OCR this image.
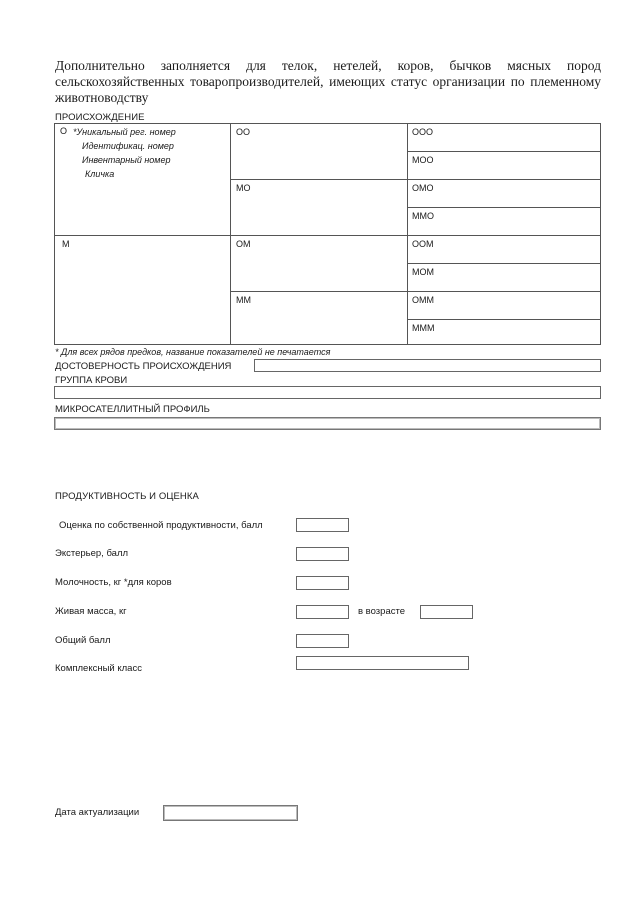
Дополнительно заполняется для телок, нетелей, коров, бычков мясных пород сельскохозяйственных товаропроизводителей, имеющих статус организации по племенному животноводству
ПРОИСХОЖДЕНИЕ
О *Уникальный рег. номер
Идентификац. номер
Инвентарный номер
Кличка
М
ОО
МО
ОМ
ММ
ООО
МОО
ОМО
ММО
ООМ
МОМ
ОММ
МММ
* Для всех рядов предков, название показателей не печатается
ДОСТОВЕРНОСТЬ ПРОИСХОЖДЕНИЯ
ГРУППА КРОВИ
МИКРОСАТЕЛЛИТНЫЙ ПРОФИЛЬ
ПРОДУКТИВНОСТЬ И ОЦЕНКА
Оценка по собственной продуктивности, балл
Экстерьер, балл
Молочность, кг *для коров
Живая масса, кг	в возрасте
Общий балл
Комплексный класс
Дата актуализации
